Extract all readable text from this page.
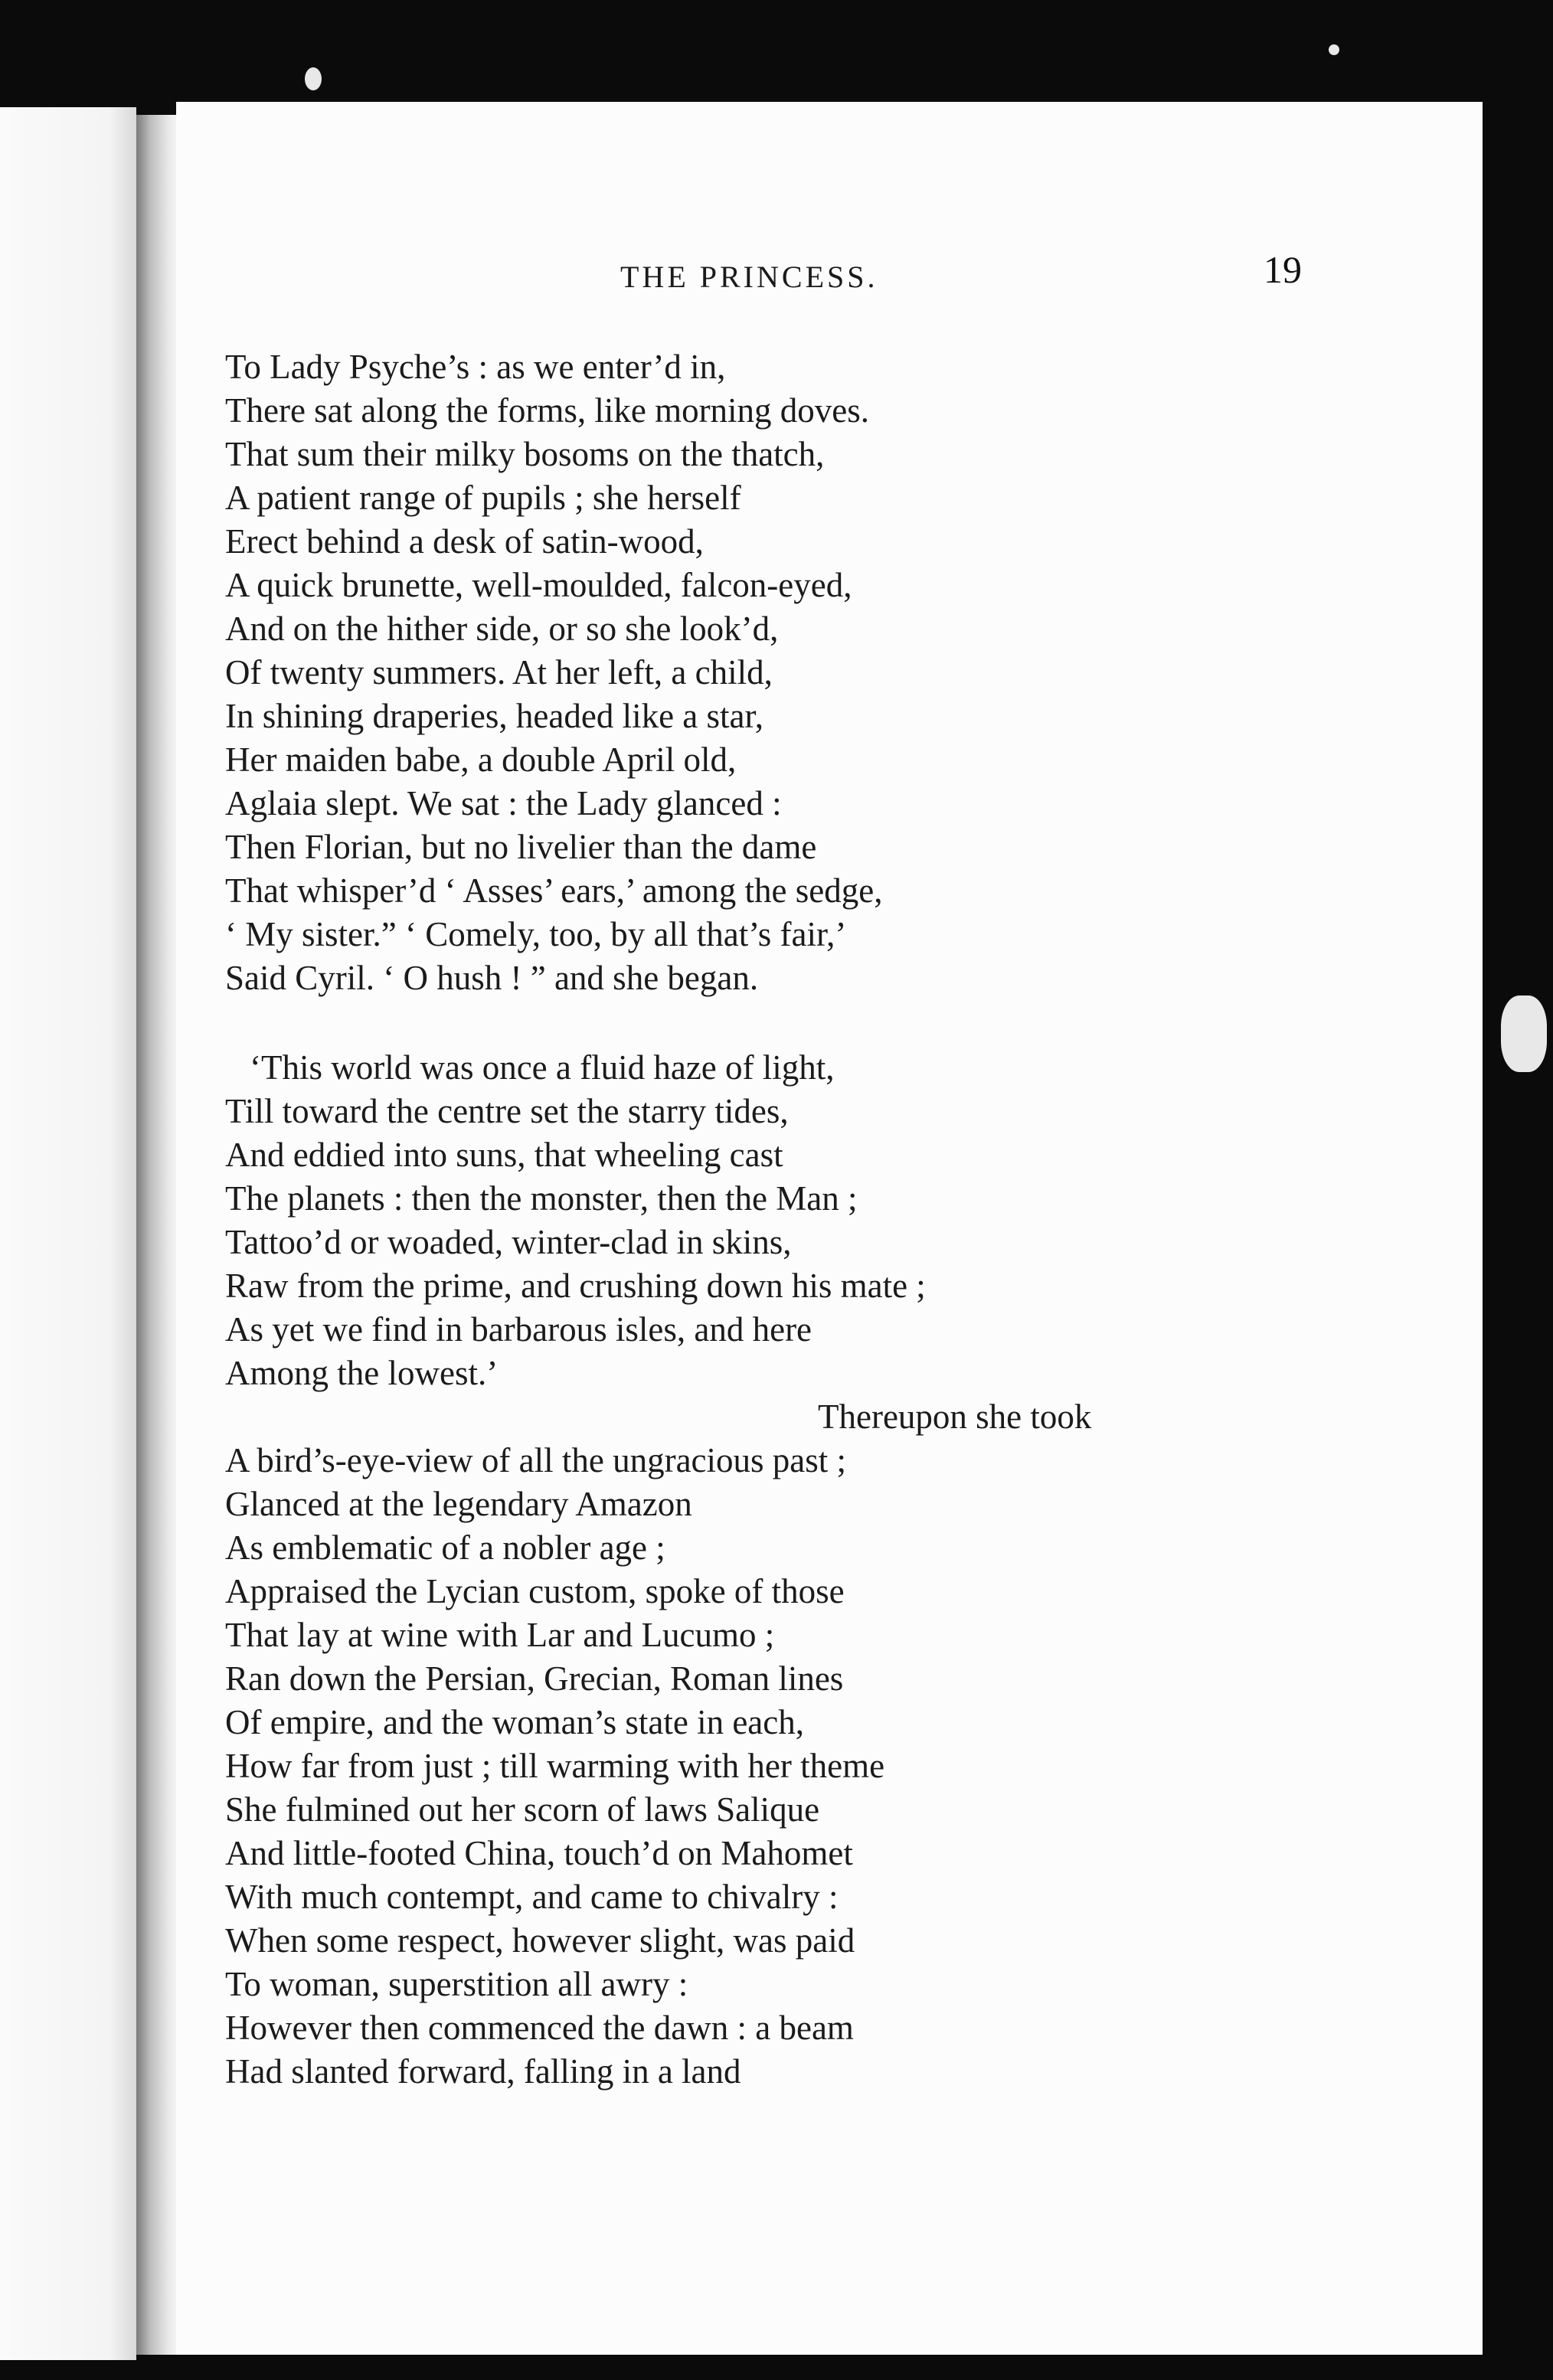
THE PRINCESS.	19
To Lady Psyche’s : as we enter’d in,
There sat along the forms, like morning doves.
That sum their milky bosoms on the thatch,
A patient range of pupils ; she herself
Erect behind a desk of satin-wood,
A quick brunette, well-moulded, falcon-eyed,
And on the hither side, or so she look’d,
Of twenty summers. At her left, a child,
In shining draperies, headed like a star,
Her maiden babe, a double April old,
Aglaia slept. We sat : the Lady glanced :
Then Florian, but no livelier than the dame
That whisper’d ‘ Asses’ ears,’ among the sedge,
‘ My sister.” ‘ Comely, too, by all that’s fair,’
Said Cyril. ‘ O hush ! ” and she began.
‘This world was once a fluid haze of light,
Till toward the centre set the starry tides,
And eddied into suns, that wheeling cast
The planets : then the monster, then the Man ;
Tattoo’d or woaded, winter-clad in skins,
Raw from the prime, and crushing down his mate ;
As yet we find in barbarous isles, and here
Among the lowest.’
Thereupon she took
A bird’s-eye-view of all the ungracious past ;
Glanced at the legendary Amazon
As emblematic of a nobler age ;
Appraised the Lycian custom, spoke of those
That lay at wine with Lar and Lucumo ;
Ran down the Persian, Grecian, Roman lines
Of empire, and the woman’s state in each,
How far from just ; till warming with her theme
She fulmined out her scorn of laws Salique
And little-footed China, touch’d on Mahomet
With much contempt, and came to chivalry :
When some respect, however slight, was paid
To woman, superstition all awry :
However then commenced the dawn : a beam
Had slanted forward, falling in a land
